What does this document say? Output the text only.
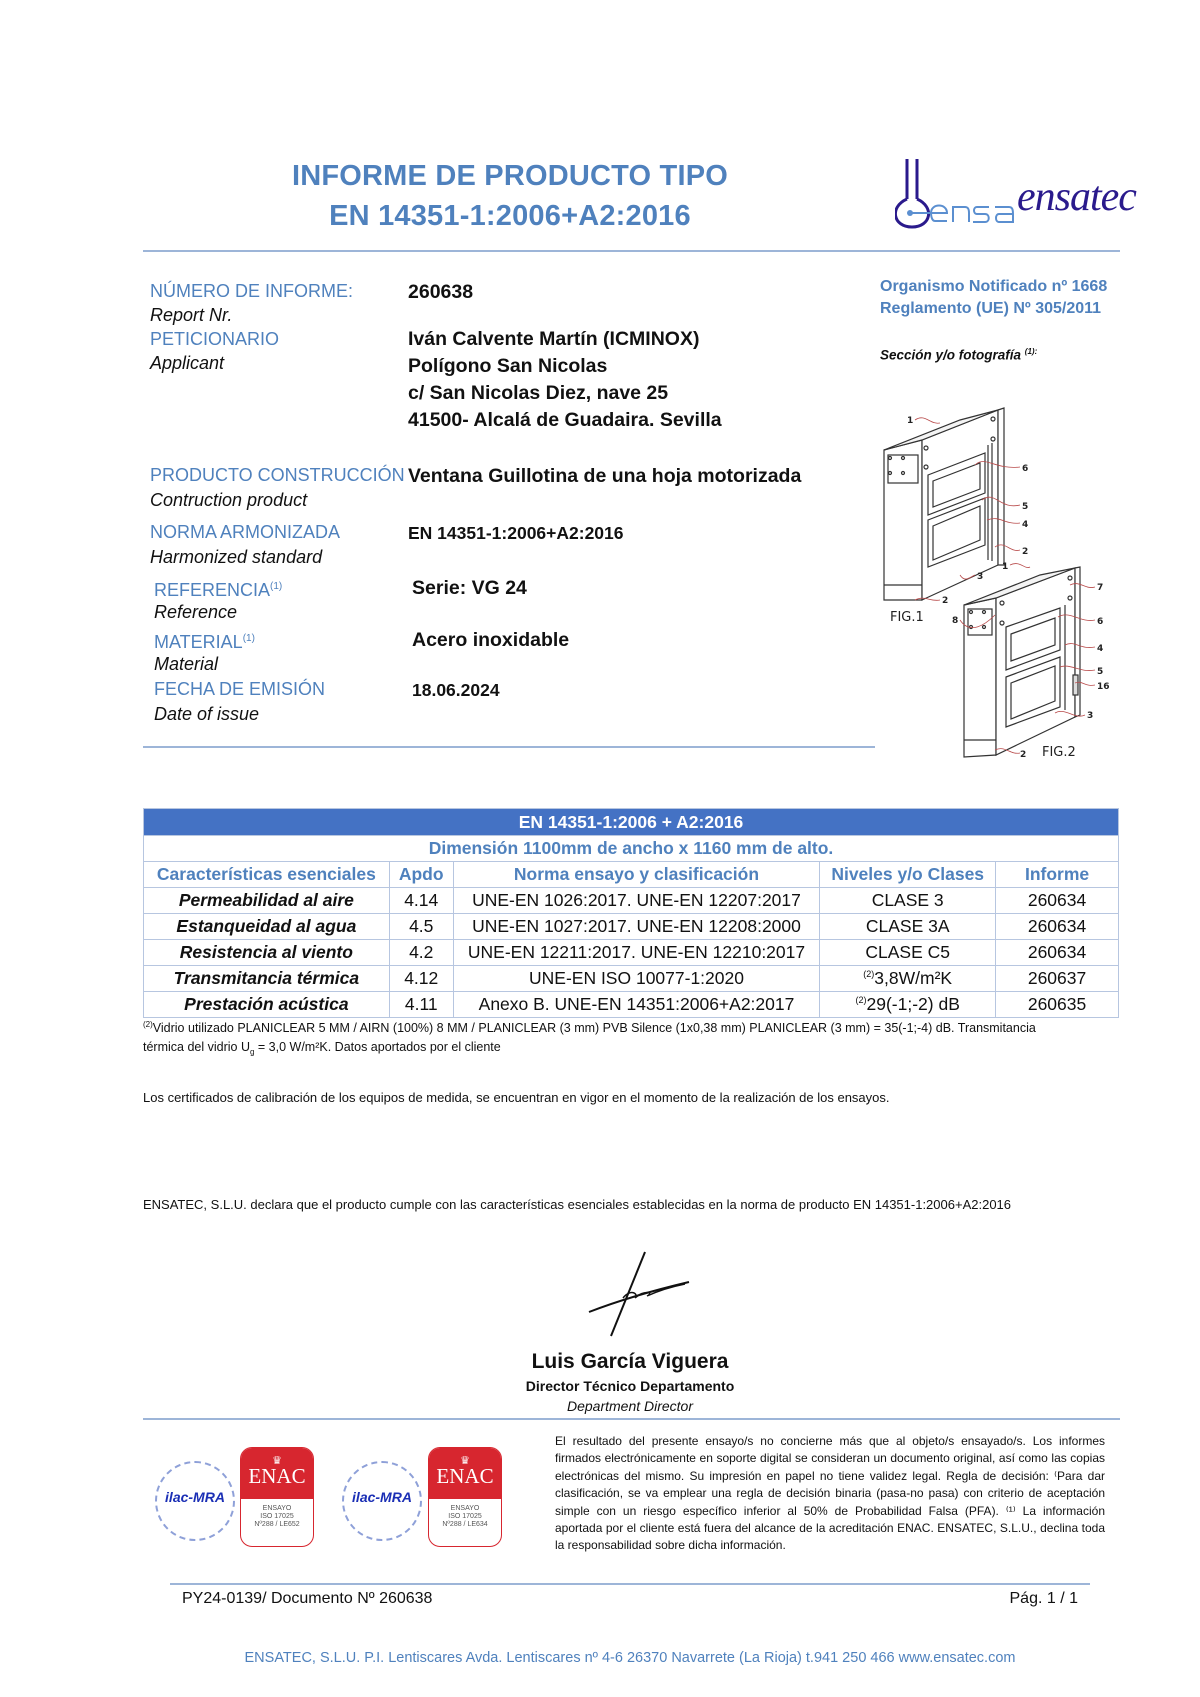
INFORME DE PRODUCTO TIPO
EN 14351-1:2006+A2:2016	ensatec
NÚMERO DE INFORME:
Report Nr.
260638
PETICIONARIO
Applicant
Iván Calvente Martín (ICMINOX)
Polígono San Nicolas
c/ San Nicolas Diez, nave 25
41500- Alcalá de Guadaira. Sevilla
PRODUCTO CONSTRUCCIÓN
Contruction product
Ventana Guillotina de una hoja motorizada
NORMA ARMONIZADA
Harmonized standard
EN 14351-1:2006+A2:2016
REFERENCIA$^{(1)}$
Reference
Serie: VG 24
MATERIAL$^{(1)}$
Material
Acero inoxidable
FECHA DE EMISIÓN
Date of issue
18.06.2024
Organismo Notificado nº 1668
Reglamento (UE) Nº 305/2011
Sección y/o fotografía $^{(1):}$
1
6
5
4
2
3
2
1
7
8	6
4
5
16
3
2
FIG.1
FIG.2
EN 14351-1:2006 + A2:2016				
Dimensión 1100mm de ancho x 1160 mm de alto.				
Características esenciales	Apdo	Norma ensayo y clasificación	Niveles y/o Clases	Informe
Permeabilidad al aire	4.14	UNE-EN 1026:2017. UNE-EN 12207:2017	CLASE 3	260634
Estanqueidad al agua	4.5	UNE-EN 1027:2017. UNE-EN 12208:2000	CLASE 3A	260634
Resistencia al viento	4.2	UNE-EN 12211:2017. UNE-EN 12210:2017	CLASE C5	260634
Transmitancia térmica	4.12	UNE-EN ISO 10077-1:2020	$^{(2)}$3,8W/m²K	260637
Prestación acústica	4.11	Anexo B. UNE-EN 14351:2006+A2:2017	$^{(2)}$29(-1;-2) dB	260635
$^{(2)}$Vidrio utilizado PLANICLEAR 5 MM / AIRN (100%) 8 MM / PLANICLEAR (3 mm) PVB Silence (1x0,38 mm) PLANICLEAR (3 mm) = 35(-1;-4) dB. Transmitancia
térmica del vidrio $U_g = 3,0$ W/m²K. Datos aportados por el cliente
Los certificados de calibración de los equipos de medida, se encuentran en vigor en el momento de la realización de los ensayos.
ENSATEC, S.L.U. declara que el producto cumple con las características esenciales establecidas en la norma de producto EN 14351-1:2006+A2:2016
Luis García Viguera
Director Técnico Departamento
Department Director
ilac-MRA
♛
ENAC
ENSAYO
ISO 17025
Nº288 / LE652
ilac-MRA
♛
ENAC
ENSAYO
ISO 17025
Nº288 / LE634
El resultado del presente ensayo/s no concierne más que al objeto/s ensayado/s. Los informes firmados electrónicamente en soporte digital se consideran un documento original, así como las copias electrónicas del mismo. Su impresión en papel no tiene validez legal. Regla de decisión: ⁽Para dar clasificación, se va emplear una regla de decisión binaria (pasa-no pasa) con criterio de aceptación simple con un riesgo específico inferior al 50% de Probabilidad Falsa (PFA). ⁽¹⁾ La información aportada por el cliente está fuera del alcance de la acreditación ENAC. ENSATEC, S.L.U., declina toda la responsabilidad sobre dicha información.
PY24-0139/ Documento Nº 260638	Pág. 1 / 1
ENSATEC, S.L.U. P.I. Lentiscares Avda. Lentiscares nº 4-6 26370 Navarrete (La Rioja) t.941 250 466 www.ensatec.com
